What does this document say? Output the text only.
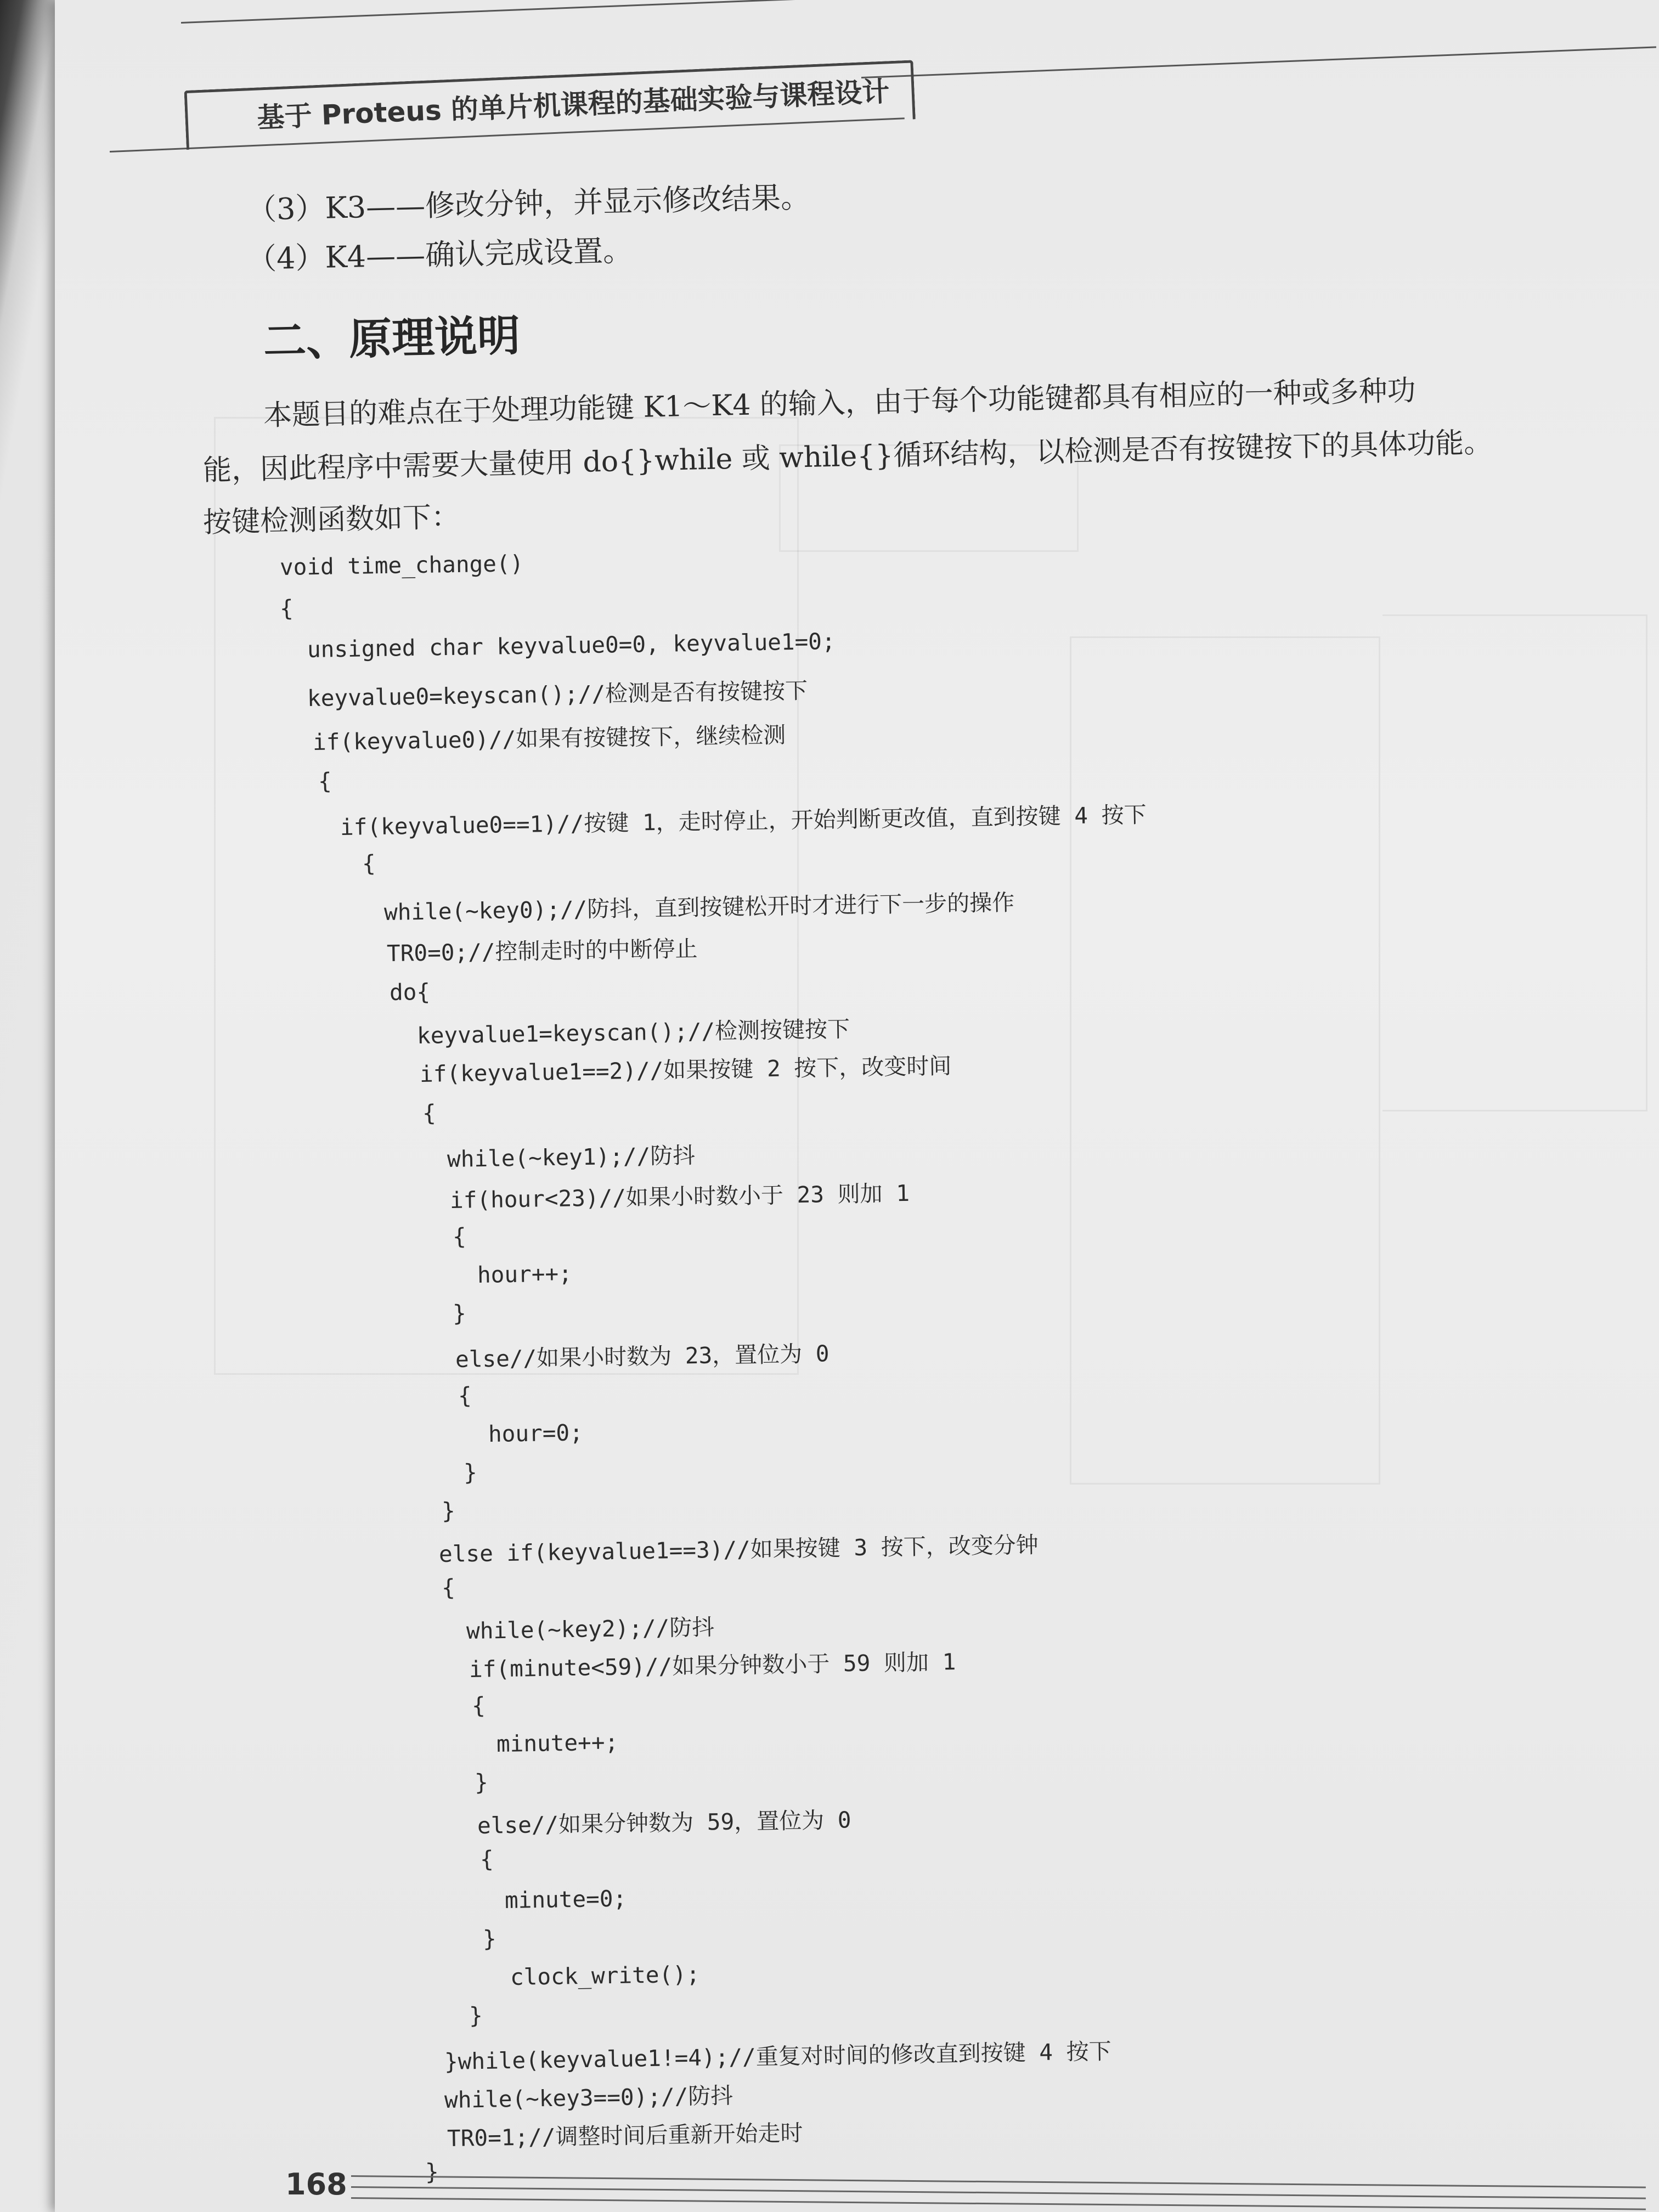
基于 Proteus 的单片机课程的基础实验与课程设计
（3）K3——修改分钟，并显示修改结果。
（4）K4——确认完成设置。
二、原理说明
本题目的难点在于处理功能键 K1～K4 的输入，由于每个功能键都具有相应的一种或多种功
能，因此程序中需要大量使用 do{}while 或 while{}循环结构，以检测是否有按键按下的具体功能。
按键检测函数如下：
void time_change()
{
unsigned char keyvalue0=0, keyvalue1=0;
keyvalue0=keyscan();//检测是否有按键按下
if(keyvalue0)//如果有按键按下，继续检测
{
if(keyvalue0==1)//按键 1，走时停止，开始判断更改值，直到按键 4 按下
{
while(~key0);//防抖，直到按键松开时才进行下一步的操作
TR0=0;//控制走时的中断停止
do{
keyvalue1=keyscan();//检测按键按下
if(keyvalue1==2)//如果按键 2 按下，改变时间
{
while(~key1);//防抖
if(hour<23)//如果小时数小于 23 则加 1
{
hour++;
}
else//如果小时数为 23，置位为 0
{
hour=0;
}
}
else if(keyvalue1==3)//如果按键 3 按下，改变分钟
{
while(~key2);//防抖
if(minute<59)//如果分钟数小于 59 则加 1
{
minute++;
}
else//如果分钟数为 59，置位为 0
{
minute=0;
}
clock_write();
}
}while(keyvalue1!=4);//重复对时间的修改直到按键 4 按下
while(~key3==0);//防抖
TR0=1;//调整时间后重新开始走时
}
168
